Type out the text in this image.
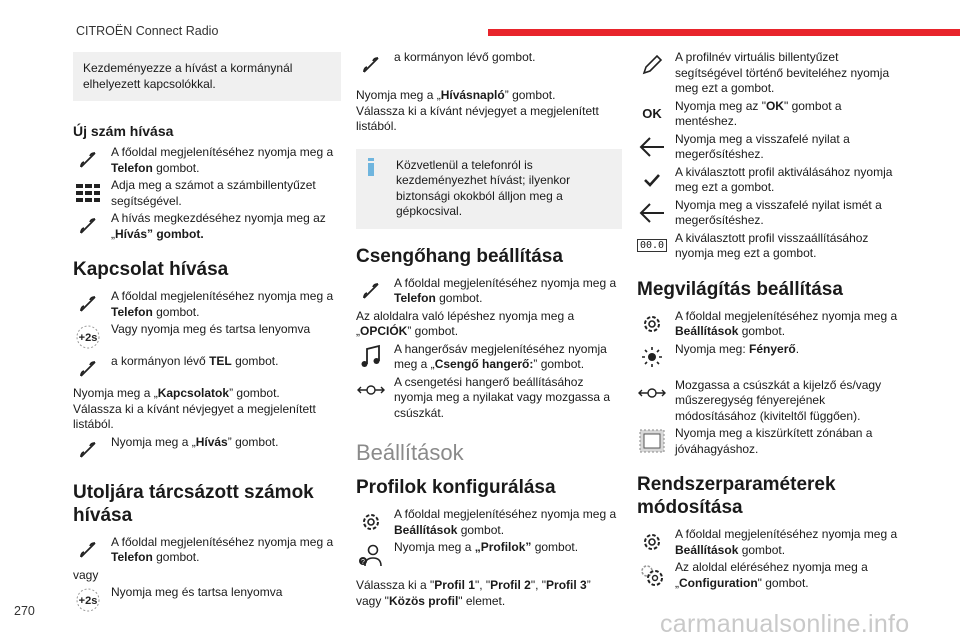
CITROËN Connect Radio
Kezdeményezze a hívást a kormánynál elhelyezett kapcsolókkal.
Új szám hívása
A főoldal megjelenítéséhez nyomja meg a Telefon gombot.
Adja meg a számot a számbillentyűzet segítségével.
A hívás megkezdéséhez nyomja meg az „Hívás” gombot.
Kapcsolat hívása
A főoldal megjelenítéséhez nyomja meg a Telefon gombot.
+2s
Vagy nyomja meg és tartsa lenyomva
a kormányon lévő TEL gombot.

Nyomja meg a „Kapcsolatok” gombot.

Válassza ki a kívánt névjegyet a megjelenített listából.

Nyomja meg a „Hívás” gombot.
Utoljára tárcsázott számok hívása
A főoldal megjelenítéséhez nyomja meg a Telefon gombot.

vagy

+2s
Nyomja meg és tartsa lenyomva
a kormányon lévő gombot.

Nyomja meg a „Hívásnapló” gombot.

Válassza ki a kívánt névjegyet a megjelenített listából.

Közvetlenül a telefonról is kezdeményezhet hívást; ilyenkor biztonsági okokból álljon meg a gépkocsival.
Csengőhang beállítása
A főoldal megjelenítéséhez nyomja meg a Telefon gombot.

Az aloldalra való lépéshez nyomja meg a „OPCIÓK” gombot.

A hangerősáv megjelenítéséhez nyomja meg a „Csengő hangerő:” gombot.
A csengetési hangerő beállításához nyomja meg a nyilakat vagy mozgassa a csúszkát.
Beállítások
Profilok konfigurálása
A főoldal megjelenítéséhez nyomja meg a Beállítások gombot.
?
Nyomja meg a „Profilok” gombot.

Válassza ki a "Profil 1", "Profil 2", "Profil 3”

vagy "Közös profil" elemet.

A profilnév virtuális billentyűzet segítségével történő beviteléhez nyomja meg ezt a gombot.
OK
Nyomja meg az "OK" gombot a mentéshez.
Nyomja meg a visszafelé nyilat a megerősítéshez.
A kiválasztott profil aktiválásához nyomja meg ezt a gombot.
Nyomja meg a visszafelé nyilat ismét a megerősítéshez.
00.0
A kiválasztott profil visszaállításához nyomja meg ezt a gombot.
Megvilágítás beállítása
A főoldal megjelenítéséhez nyomja meg a Beállítások gombot.
Nyomja meg: Fényerő.
Mozgassa a csúszkát a kijelző és/vagy műszeregység fényerejének módosításához (kiviteltől függően).
Nyomja meg a kiszürkített zónában a jóváhagyáshoz.
Rendszerparaméterek módosítása
A főoldal megjelenítéséhez nyomja meg a Beállítások gombot.
Az aloldal eléréséhez nyomja meg a „Configuration" gombot.
270	carmanualsonline.info
